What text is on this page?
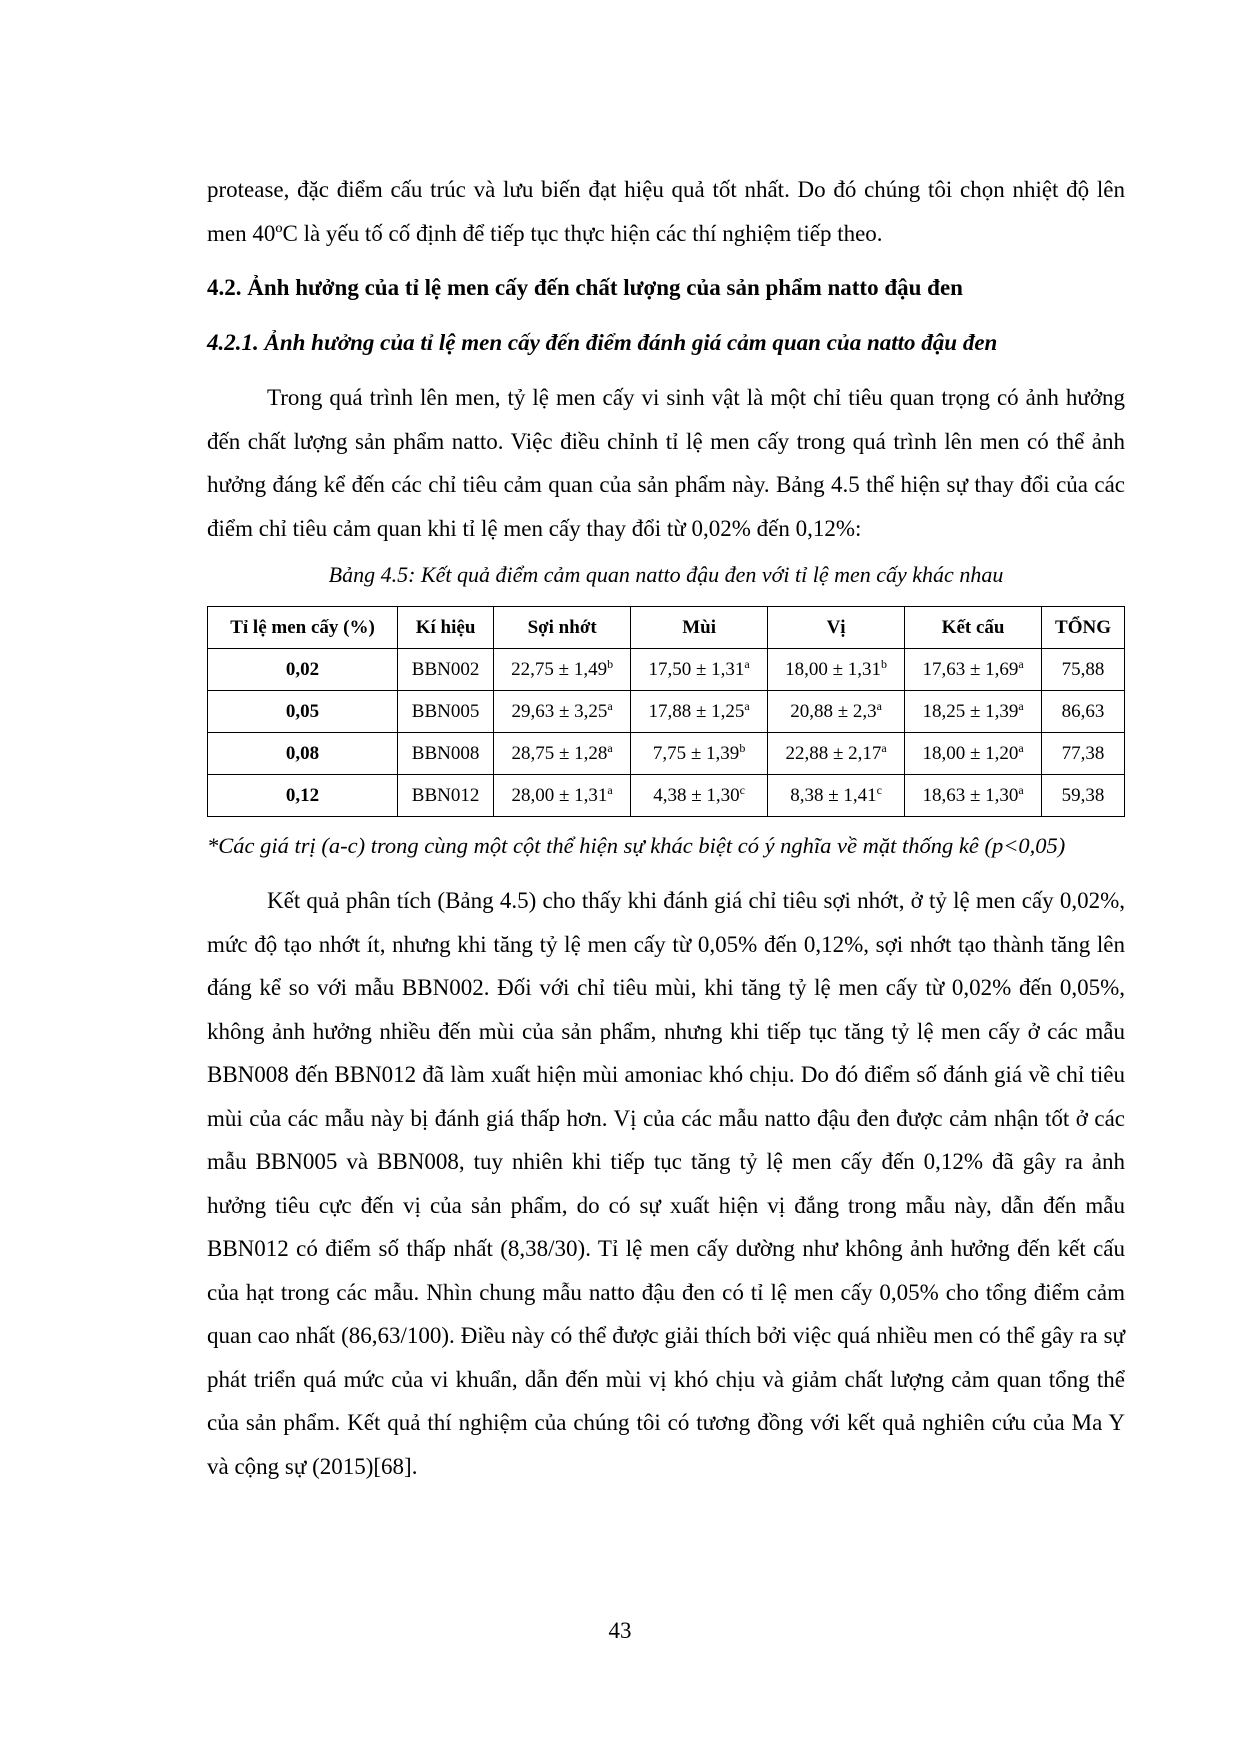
protease, đặc điểm cấu trúc và lưu biến đạt hiệu quả tốt nhất. Do đó chúng tôi chọn nhiệt độ lên men 40ºC là yếu tố cố định để tiếp tục thực hiện các thí nghiệm tiếp theo.

4.2. Ảnh hưởng của tỉ lệ men cấy đến chất lượng của sản phẩm natto đậu đen

4.2.1. Ảnh hưởng của tỉ lệ men cấy đến điểm đánh giá cảm quan của natto đậu đen

Trong quá trình lên men, tỷ lệ men cấy vi sinh vật là một chỉ tiêu quan trọng có ảnh hưởng đến chất lượng sản phẩm natto. Việc điều chỉnh tỉ lệ men cấy trong quá trình lên men có thể ảnh hưởng đáng kể đến các chỉ tiêu cảm quan của sản phẩm này. Bảng 4.5 thể hiện sự thay đổi của các điểm chỉ tiêu cảm quan khi tỉ lệ men cấy thay đổi từ 0,02% đến 0,12%:

Bảng 4.5: Kết quả điểm cảm quan natto đậu đen với tỉ lệ men cấy khác nhau

Tỉ lệ men cấy (%)	Kí hiệu	Sợi nhớt	Mùi	Vị	Kết cấu	TỔNG
0,02	BBN002	22,75 ± 1,49$^b$	17,50 ± 1,31$^a$	18,00 ± 1,31$^b$	17,63 ± 1,69$^a$	75,88
0,05	BBN005	29,63 ± 3,25$^a$	17,88 ± 1,25$^a$	20,88 ± 2,3$^a$	18,25 ± 1,39$^a$	86,63
0,08	BBN008	28,75 ± 1,28$^a$	7,75 ± 1,39$^b$	22,88 ± 2,17$^a$	18,00 ± 1,20$^a$	77,38
0,12	BBN012	28,00 ± 1,31$^a$	4,38 ± 1,30$^c$	8,38 ± 1,41$^c$	18,63 ± 1,30$^a$	59,38

*Các giá trị (a-c) trong cùng một cột thể hiện sự khác biệt có ý nghĩa về mặt thống kê (p<0,05)

Kết quả phân tích (Bảng 4.5) cho thấy khi đánh giá chỉ tiêu sợi nhớt, ở tỷ lệ men cấy 0,02%, mức độ tạo nhớt ít, nhưng khi tăng tỷ lệ men cấy từ 0,05% đến 0,12%, sợi nhớt tạo thành tăng lên đáng kể so với mẫu BBN002. Đối với chỉ tiêu mùi, khi tăng tỷ lệ men cấy từ 0,02% đến 0,05%, không ảnh hưởng nhiều đến mùi của sản phẩm, nhưng khi tiếp tục tăng tỷ lệ men cấy ở các mẫu BBN008 đến BBN012 đã làm xuất hiện mùi amoniac khó chịu. Do đó điểm số đánh giá về chỉ tiêu mùi của các mẫu này bị đánh giá thấp hơn. Vị của các mẫu natto đậu đen được cảm nhận tốt ở các mẫu BBN005 và BBN008, tuy nhiên khi tiếp tục tăng tỷ lệ men cấy đến 0,12% đã gây ra ảnh hưởng tiêu cực đến vị của sản phẩm, do có sự xuất hiện vị đắng trong mẫu này, dẫn đến mẫu BBN012 có điểm số thấp nhất (8,38/30). Tỉ lệ men cấy dường như không ảnh hưởng đến kết cấu của hạt trong các mẫu. Nhìn chung mẫu natto đậu đen có tỉ lệ men cấy 0,05% cho tổng điểm cảm quan cao nhất (86,63/100). Điều này có thể được giải thích bởi việc quá nhiều men có thể gây ra sự phát triển quá mức của vi khuẩn, dẫn đến mùi vị khó chịu và giảm chất lượng cảm quan tổng thể của sản phẩm. Kết quả thí nghiệm của chúng tôi có tương đồng với kết quả nghiên cứu của Ma Y và cộng sự (2015)[68].

43
